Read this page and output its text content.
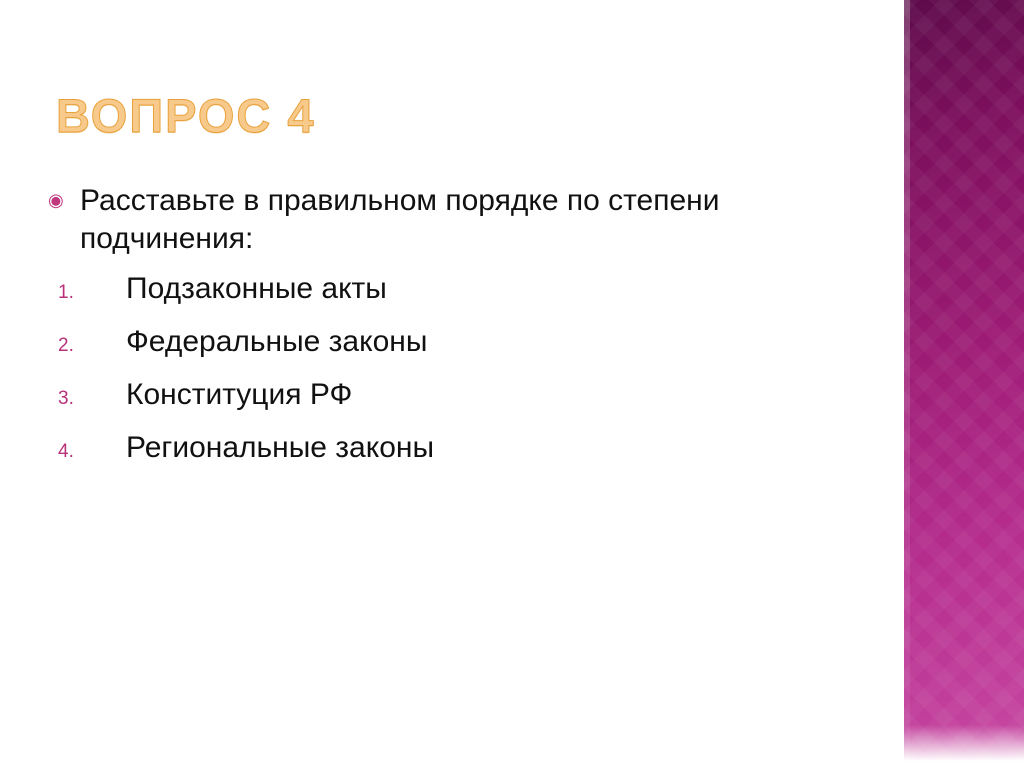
ВОПРОС 4
◉ Расставьте в правильном порядке по степени подчинения:
1.	Подзаконные акты
2.	Федеральные законы
3.	Конституция РФ
4.	Региональные законы
